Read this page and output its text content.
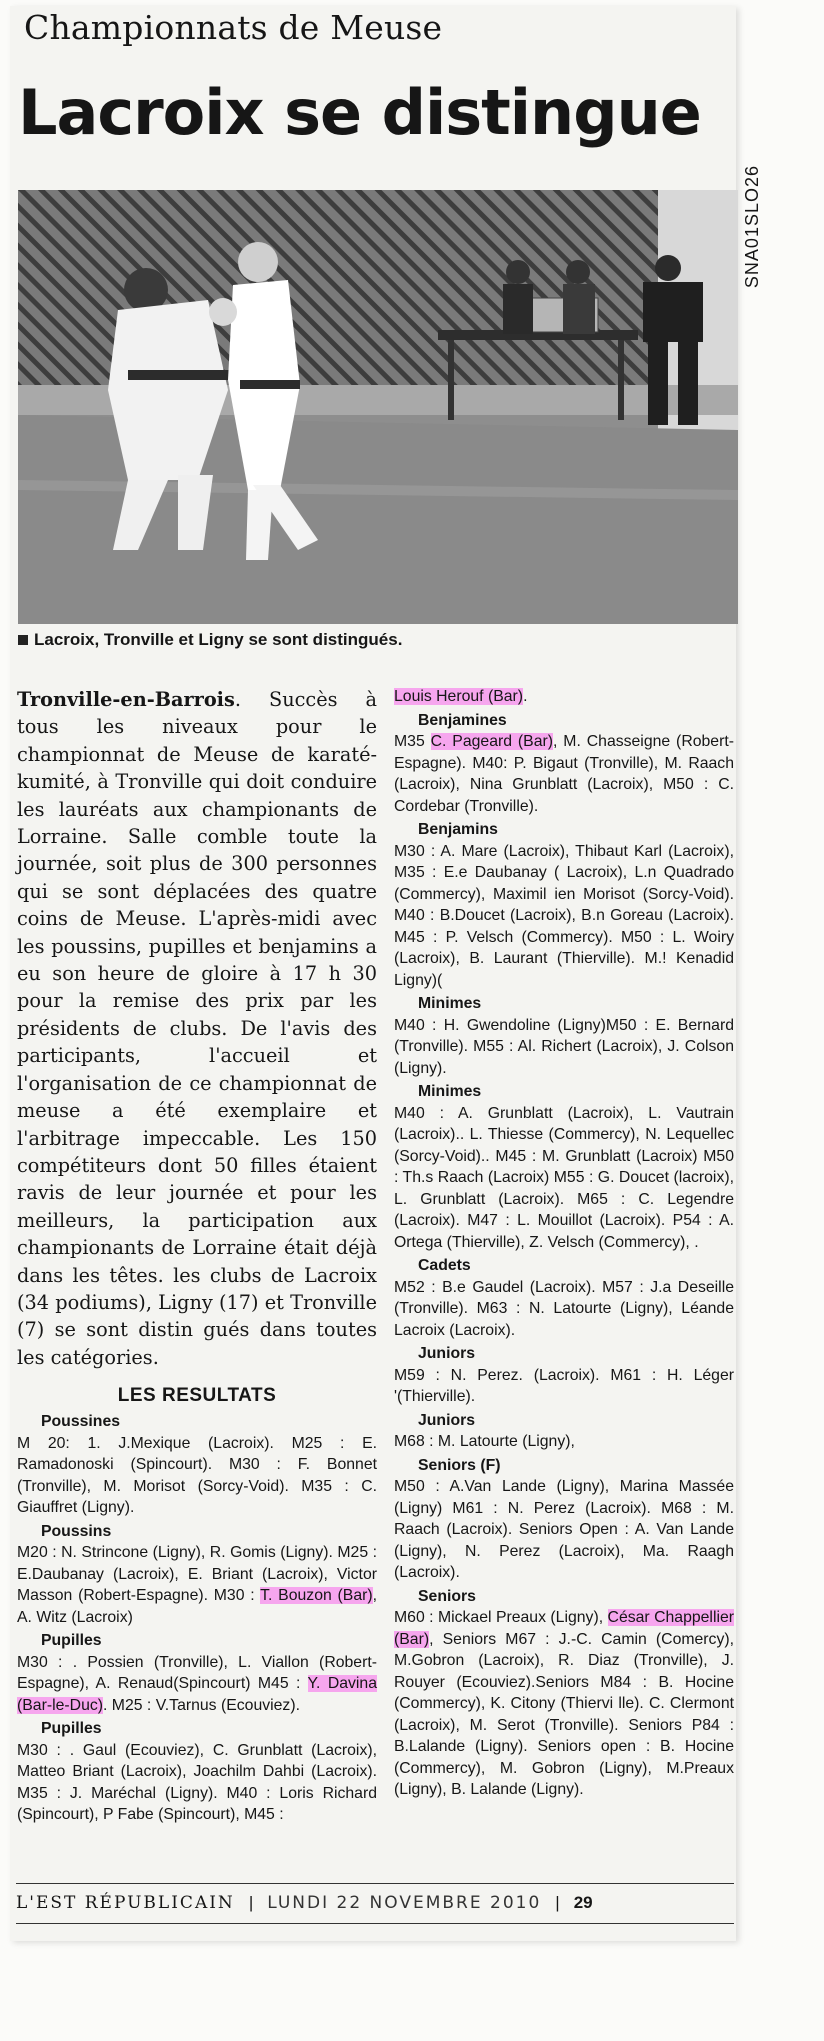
Championnats de Meuse
Lacroix se distingue
SNA01SLO26
Lacroix, Tronville et Ligny se sont distingués.

Tronville-en-Barrois. Succès à tous les niveaux pour le championnat de Meuse de karaté-kumité, à Tronville qui doit conduire les lauréats aux championants de Lorraine. Salle comble toute la journée, soit plus de 300 personnes qui se sont déplacées des quatre coins de Meuse. L'après-midi avec les poussins, pupilles et benjamins a eu son heure de gloire à 17 h 30 pour la remise des prix par les présidents de clubs. De l'avis des participants, l'accueil et l'organisation de ce championnat de meuse a été exemplaire et l'arbitrage impeccable. Les 150 compétiteurs dont 50 filles étaient ravis de leur journée et pour les meilleurs, la participation aux championants de Lorraine était déjà dans les têtes. les clubs de Lacroix (34 podiums), Ligny (17) et Tronville (7) se sont distin gués dans toutes les catégories.

LES RESULTATS
Poussines

M 20: 1. J.Mexique (Lacroix). M25 : E. Ramadonoski (Spincourt). M30 : F. Bonnet (Tronville), M. Morisot (Sorcy-Void). M35 : C. Giauffret (Ligny).

Poussins

M20 : N. Strincone (Ligny), R. Gomis (Ligny). M25 : E.Daubanay (Lacroix), E. Briant (Lacroix), Victor Masson (Robert-Espagne). M30 : T. Bouzon (Bar), A. Witz (Lacroix)

Pupilles

M30 : . Possien (Tronville), L. Viallon (Robert-Espagne), A. Renaud(Spincourt) M45 : Y. Davina (Bar-le-Duc). M25 : V.Tarnus (Ecouviez).

Pupilles

M30 : . Gaul (Ecouviez), C. Grunblatt (Lacroix), Matteo Briant (Lacroix), Joachilm Dahbi (Lacroix). M35 : J. Maréchal (Ligny). M40 : Loris Richard (Spincourt), P Fabe (Spincourt), M45 :

Louis Herouf (Bar).

Benjamines

M35 C. Pageard (Bar), M. Chasseigne (Robert-Espagne). M40: P. Bigaut (Tronville), M. Raach (Lacroix), Nina Grunblatt (Lacroix), M50 : C. Cordebar (Tronville).

Benjamins

M30 : A. Mare (Lacroix), Thibaut Karl (Lacroix), M35 : E.e Daubanay ( Lacroix), L.n Quadrado (Commercy), Maximil ien Morisot (Sorcy-Void). M40 : B.Doucet (Lacroix), B.n Goreau (Lacroix). M45 : P. Velsch (Commercy). M50 : L. Woiry (Lacroix), B. Laurant (Thierville). M.! Kenadid Ligny)(

Minimes

M40 : H. Gwendoline (Ligny)M50 : E. Bernard (Tronville). M55 : Al. Richert (Lacroix), J. Colson (Ligny).

Minimes

M40 : A. Grunblatt (Lacroix), L. Vautrain (Lacroix).. L. Thiesse (Commercy), N. Lequellec (Sorcy-Void).. M45 : M. Grunblatt (Lacroix) M50 : Th.s Raach (Lacroix) M55 : G. Doucet (lacroix), L. Grunblatt (Lacroix). M65 : C. Legendre (Lacroix). M47 : L. Mouillot (Lacroix). P54 : A. Ortega (Thierville), Z. Velsch (Commercy), .

Cadets

M52 : B.e Gaudel (Lacroix). M57 : J.a Deseille (Tronville). M63 : N. Latourte (Ligny), Léande Lacroix (Lacroix).

Juniors

M59 : N. Perez. (Lacroix). M61 : H. Léger '(Thierville).

Juniors

M68 : M. Latourte (Ligny),

Seniors (F)

M50 : A.Van Lande (Ligny), Marina Massée (Ligny) M61 : N. Perez (Lacroix). M68 : M. Raach (Lacroix). Seniors Open : A. Van Lande (Ligny), N. Perez (Lacroix), Ma. Raagh (Lacroix).

Seniors

M60 : Mickael Preaux (Ligny), César Chappellier (Bar), Seniors M67 : J.-C. Camin (Comercy), M.Gobron (Lacroix), R. Diaz (Tronville), J. Rouyer (Ecouviez).Seniors M84 : B. Hocine (Commercy), K. Citony (Thiervi lle). C. Clermont (Lacroix), M. Serot (Tronville). Seniors P84 : B.Lalande (Ligny). Seniors open : B. Hocine (Commercy), M. Gobron (Ligny), M.Preaux (Ligny), B. Lalande (Ligny).

L'EST RÉPUBLICAIN | LUNDI 22 NOVEMBRE 2010 | 29
